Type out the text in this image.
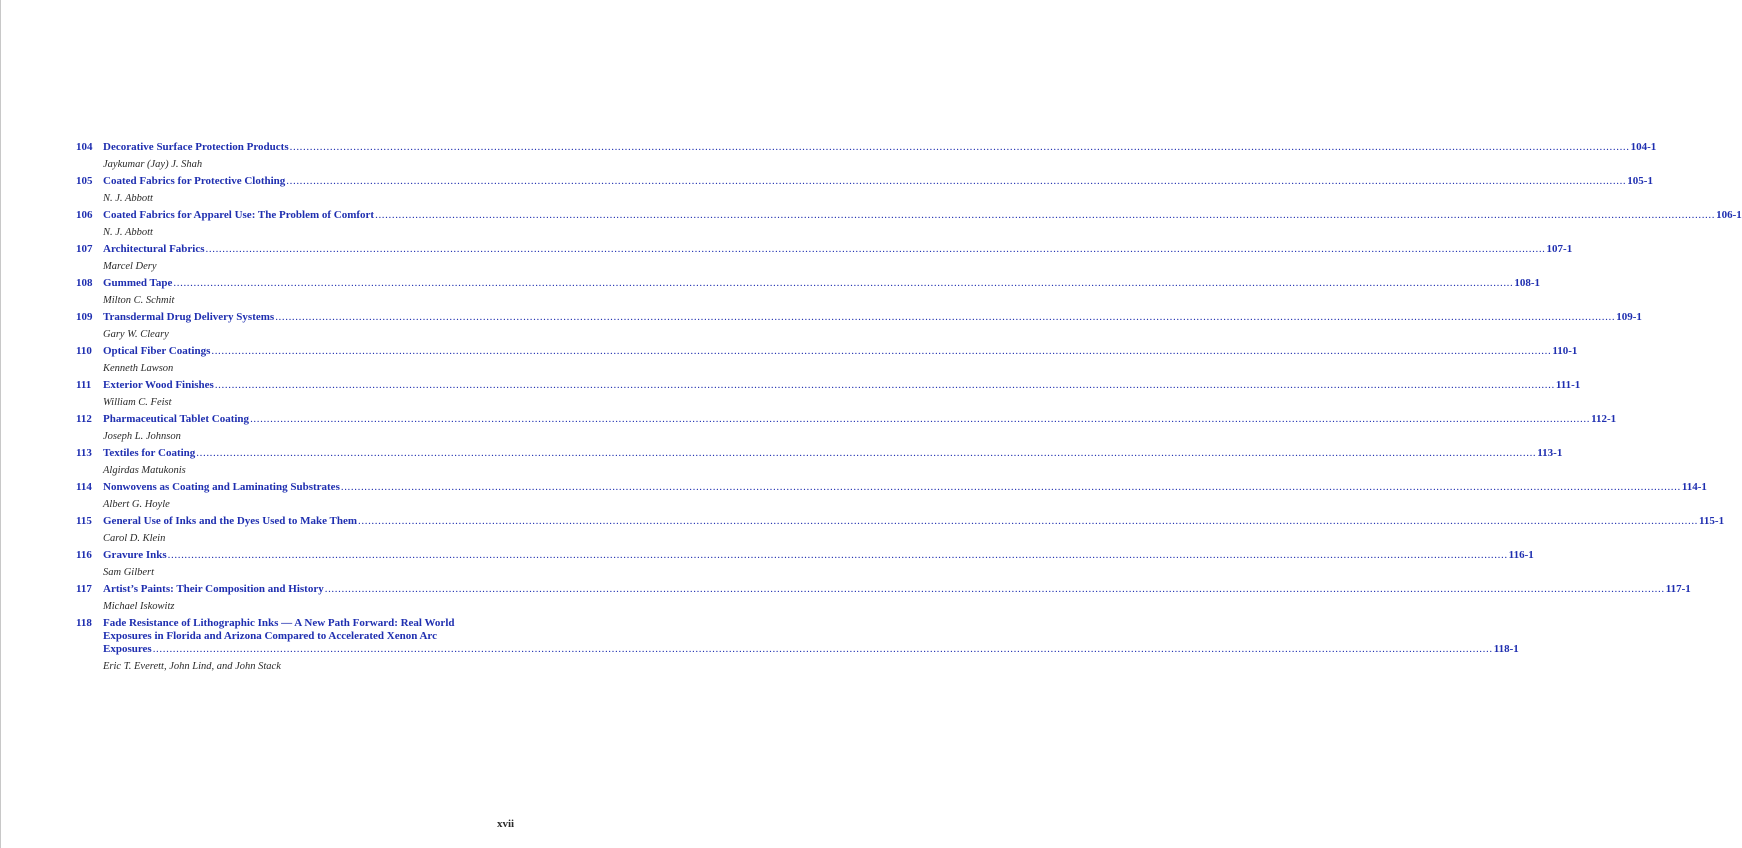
104 Decorative Surface Protection Products ................................................................................................................................................................................................................................................................................................................................................................................................................ 104-1
Jaykumar (Jay) J. Shah
105 Coated Fabrics for Protective Clothing ................................................................................................................................................................................................................................................................................................................................................................................................................ 105-1
N. J. Abbott
106 Coated Fabrics for Apparel Use: The Problem of Comfort ................................................................................................................................................................................................................................................................................................................................................................................................................ 106-1
N. J. Abbott
107 Architectural Fabrics ................................................................................................................................................................................................................................................................................................................................................................................................................ 107-1
Marcel Dery
108 Gummed Tape ................................................................................................................................................................................................................................................................................................................................................................................................................ 108-1
Milton C. Schmit
109 Transdermal Drug Delivery Systems ................................................................................................................................................................................................................................................................................................................................................................................................................ 109-1
Gary W. Cleary
110	Optical Fiber Coatings ................................................................................................................................................................................................................................................................................................................................................................................................................ 110-1
Kenneth Lawson
111	Exterior Wood Finishes ................................................................................................................................................................................................................................................................................................................................................................................................................ 111-1
William C. Feist
112	Pharmaceutical Tablet Coating ................................................................................................................................................................................................................................................................................................................................................................................................................ 112-1
Joseph L. Johnson
113	Textiles for Coating ................................................................................................................................................................................................................................................................................................................................................................................................................ 113-1
Algirdas Matukonis
114	Nonwovens as Coating and Laminating Substrates ................................................................................................................................................................................................................................................................................................................................................................................................................ 114-1
Albert G. Hoyle
115	General Use of Inks and the Dyes Used to Make Them ................................................................................................................................................................................................................................................................................................................................................................................................................ 115-1
Carol D. Klein
116	Gravure Inks ................................................................................................................................................................................................................................................................................................................................................................................................................ 116-1
Sam Gilbert
117	Artist’s Paints: Their Composition and History ................................................................................................................................................................................................................................................................................................................................................................................................................ 117-1
Michael Iskowitz
118	Fade Resistance of Lithographic Inks — A New Path Forward: Real World
Exposures in Florida and Arizona Compared to Accelerated Xenon Arc
Exposures ................................................................................................................................................................................................................................................................................................................................................................................................................ 118-1
Eric T. Everett, John Lind, and John Stack
xvii
